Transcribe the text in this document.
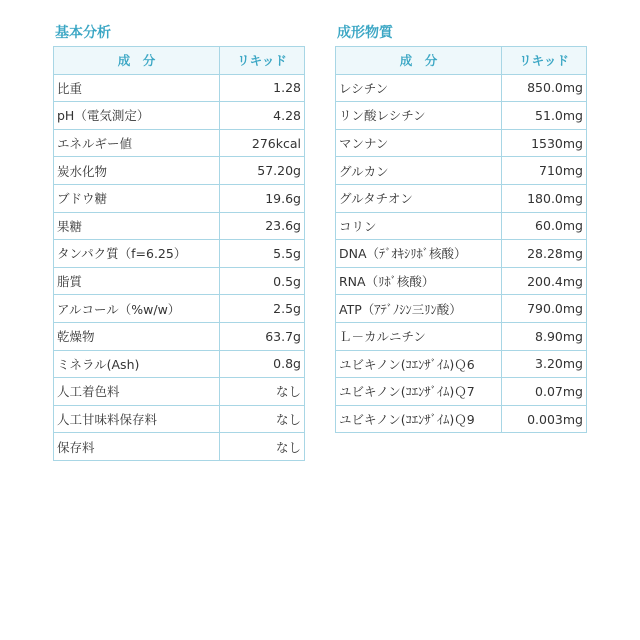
基本分析
成　分	リキッド
比重	1.28
pH（電気測定）	4.28
エネルギー値	276kcal
炭水化物	57.20g
ブドウ糖	19.6g
果糖	23.6g
タンパク質（f=6.25）	5.5g
脂質	0.5g
アルコール（%w/w）	2.5g
乾燥物	63.7g
ミネラル(Ash)	0.8g
人工着色料	なし
人工甘味料保存料	なし
保存料	なし
成形物質
成　分	リキッド
レシチン	850.0mg
リン酸レシチン	51.0mg
マンナン	1530mg
グルカン	710mg
グルタチオン	180.0mg
コリン	60.0mg
DNA（ﾃﾞｵｷｼﾘﾎﾞ核酸）	28.28mg
RNA（ﾘﾎﾞ核酸）	200.4mg
ATP（ｱﾃﾞﾉｼﾝ三ﾘﾝ酸）	790.0mg
Ｌ－カルニチン	8.90mg
ユビキノン(ｺｴﾝｻﾞｲﾑ)Ｑ6	3.20mg
ユビキノン(ｺｴﾝｻﾞｲﾑ)Ｑ7	0.07mg
ユビキノン(ｺｴﾝｻﾞｲﾑ)Ｑ9	0.003mg
